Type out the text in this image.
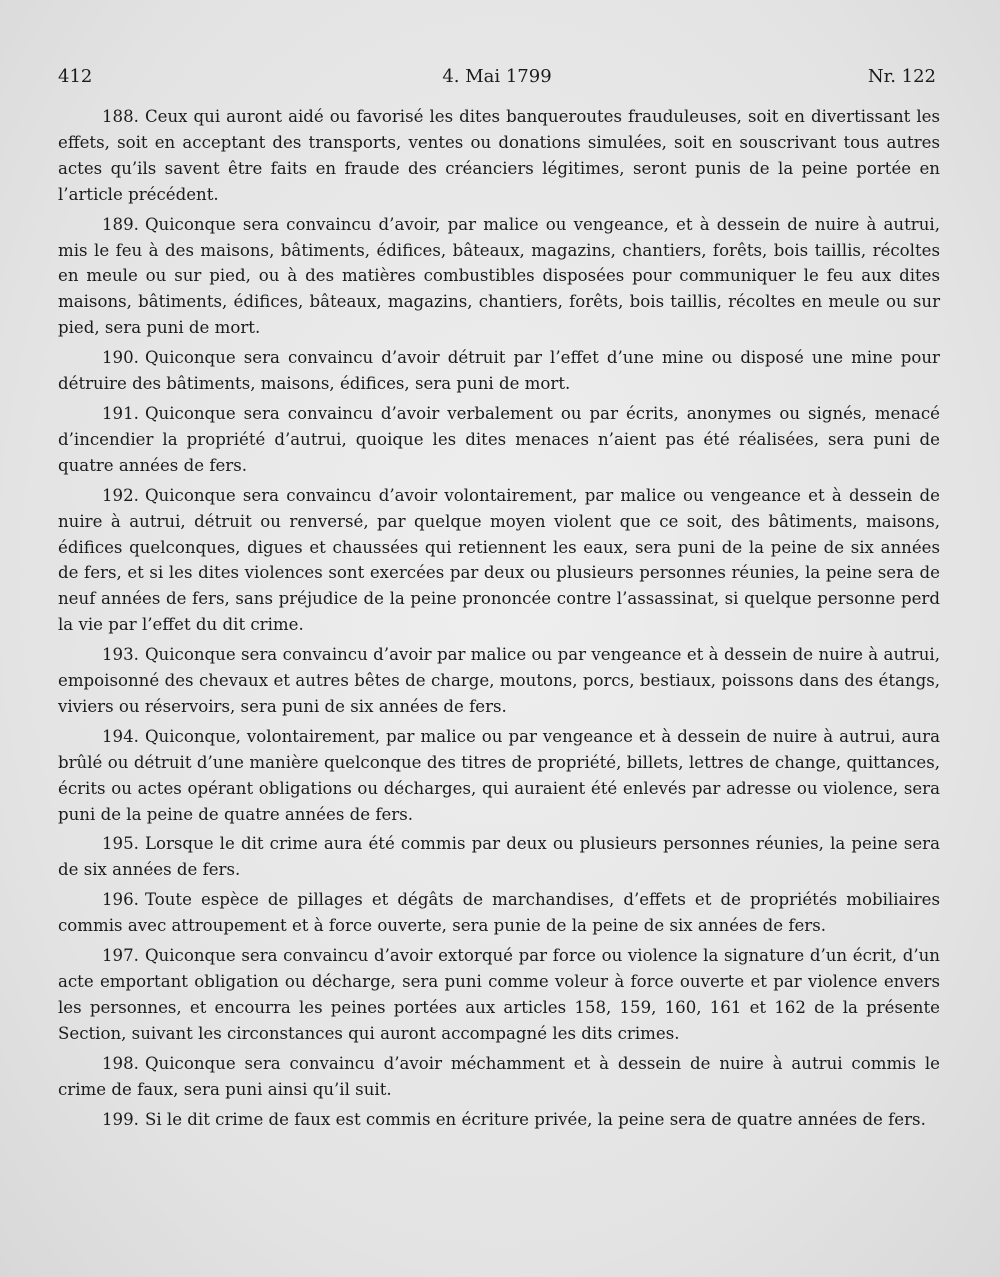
412	4. Mai 1799	Nr. 122

188. Ceux qui auront aidé ou favorisé les dites banqueroutes frauduleuses, soit en divertissant les effets, soit en acceptant des transports, ventes ou donations simulées, soit en souscrivant tous autres actes qu’ils savent être faits en fraude des créanciers légitimes, seront punis de la peine portée en l’article précédent.

189. Quiconque sera convaincu d’avoir, par malice ou vengeance, et à dessein de nuire à autrui, mis le feu à des maisons, bâtiments, édifices, bâteaux, magazins, chantiers, forêts, bois taillis, récoltes en meule ou sur pied, ou à des matières combustibles disposées pour communiquer le feu aux dites maisons, bâtiments, édifices, bâteaux, magazins, chantiers, forêts, bois taillis, récoltes en meule ou sur pied, sera puni de mort.

190. Quiconque sera convaincu d’avoir détruit par l’effet d’une mine ou disposé une mine pour détruire des bâtiments, maisons, édifices, sera puni de mort.

191. Quiconque sera convaincu d’avoir verbalement ou par écrits, anonymes ou signés, menacé d’incendier la propriété d’autrui, quoique les dites menaces n’aient pas été réalisées, sera puni de quatre années de fers.

192. Quiconque sera convaincu d’avoir volontairement, par malice ou vengeance et à dessein de nuire à autrui, détruit ou renversé, par quelque moyen violent que ce soit, des bâtiments, maisons, édifices quelconques, digues et chaussées qui retiennent les eaux, sera puni de la peine de six années de fers, et si les dites violences sont exercées par deux ou plusieurs personnes réunies, la peine sera de neuf années de fers, sans préjudice de la peine prononcée contre l’assassinat, si quelque personne perd la vie par l’effet du dit crime.

193. Quiconque sera convaincu d’avoir par malice ou par vengeance et à dessein de nuire à autrui, empoisonné des chevaux et autres bêtes de charge, moutons, porcs, bestiaux, poissons dans des étangs, viviers ou réservoirs, sera puni de six années de fers.

194. Quiconque, volontairement, par malice ou par vengeance et à dessein de nuire à autrui, aura brûlé ou détruit d’une manière quelconque des titres de propriété, billets, lettres de change, quittances, écrits ou actes opérant obligations ou décharges, qui auraient été enlevés par adresse ou violence, sera puni de la peine de quatre années de fers.

195. Lorsque le dit crime aura été commis par deux ou plusieurs personnes réunies, la peine sera de six années de fers.

196. Toute espèce de pillages et dégâts de marchandises, d’effets et de propriétés mobiliaires commis avec attroupement et à force ouverte, sera punie de la peine de six années de fers.

197. Quiconque sera convaincu d’avoir extorqué par force ou violence la signature d’un écrit, d’un acte emportant obligation ou décharge, sera puni comme voleur à force ouverte et par violence envers les personnes, et encourra les peines portées aux articles 158, 159, 160, 161 et 162 de la présente Section, suivant les circonstances qui auront accompagné les dits crimes.

198. Quiconque sera convaincu d’avoir méchamment et à dessein de nuire à autrui commis le crime de faux, sera puni ainsi qu’il suit.

199. Si le dit crime de faux est commis en écriture privée, la peine sera de quatre années de fers.
